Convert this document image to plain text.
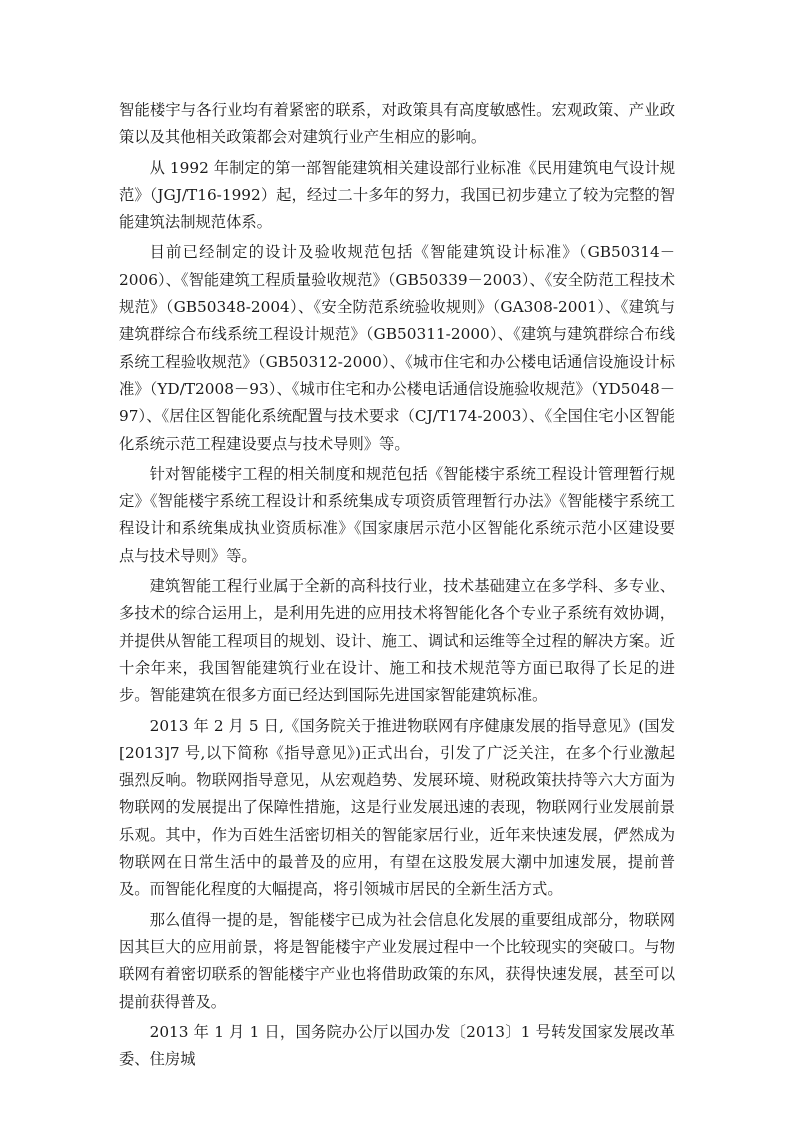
智能楼宇与各行业均有着紧密的联系，对政策具有高度敏感性。宏观政策、产业政策以及其他相关政策都会对建筑行业产生相应的影响。

从 1992 年制定的第一部智能建筑相关建设部行业标准《民用建筑电气设计规范》（JGJ/T16-1992）起，经过二十多年的努力，我国已初步建立了较为完整的智能建筑法制规范体系。

目前已经制定的设计及验收规范包括《智能建筑设计标准》（GB50314－2006）、《智能建筑工程质量验收规范》（GB50339－2003）、《安全防范工程技术规范》（GB50348-2004）、《安全防范系统验收规则》（GA308-2001）、《建筑与建筑群综合布线系统工程设计规范》（GB50311-2000）、《建筑与建筑群综合布线系统工程验收规范》（GB50312-2000）、《城市住宅和办公楼电话通信设施设计标准》（YD/T2008－93）、《城市住宅和办公楼电话通信设施验收规范》（YD5048－97）、《居住区智能化系统配置与技术要求（CJ/T174-2003）、《全国住宅小区智能化系统示范工程建设要点与技术导则》等。

针对智能楼宇工程的相关制度和规范包括《智能楼宇系统工程设计管理暂行规定》《智能楼宇系统工程设计和系统集成专项资质管理暂行办法》《智能楼宇系统工程设计和系统集成执业资质标准》《国家康居示范小区智能化系统示范小区建设要点与技术导则》等。

建筑智能工程行业属于全新的高科技行业，技术基础建立在多学科、多专业、多技术的综合运用上，是利用先进的应用技术将智能化各个专业子系统有效协调，并提供从智能工程项目的规划、设计、施工、调试和运维等全过程的解决方案。近十余年来，我国智能建筑行业在设计、施工和技术规范等方面已取得了长足的进步。智能建筑在很多方面已经达到国际先进国家智能建筑标准。

2013 年 2 月 5 日,《国务院关于推进物联网有序健康发展的指导意见》(国发[2013]7 号,以下简称《指导意见》)正式出台，引发了广泛关注，在多个行业激起强烈反响。物联网指导意见，从宏观趋势、发展环境、财税政策扶持等六大方面为物联网的发展提出了保障性措施，这是行业发展迅速的表现，物联网行业发展前景乐观。其中，作为百姓生活密切相关的智能家居行业，近年来快速发展，俨然成为物联网在日常生活中的最普及的应用，有望在这股发展大潮中加速发展，提前普及。而智能化程度的大幅提高，将引领城市居民的全新生活方式。

那么值得一提的是，智能楼宇已成为社会信息化发展的重要组成部分，物联网因其巨大的应用前景，将是智能楼宇产业发展过程中一个比较现实的突破口。与物联网有着密切联系的智能楼宇产业也将借助政策的东风，获得快速发展，甚至可以提前获得普及。

2013 年 1 月 1 日，国务院办公厅以国办发〔2013〕1 号转发国家发展改革委、住房城
